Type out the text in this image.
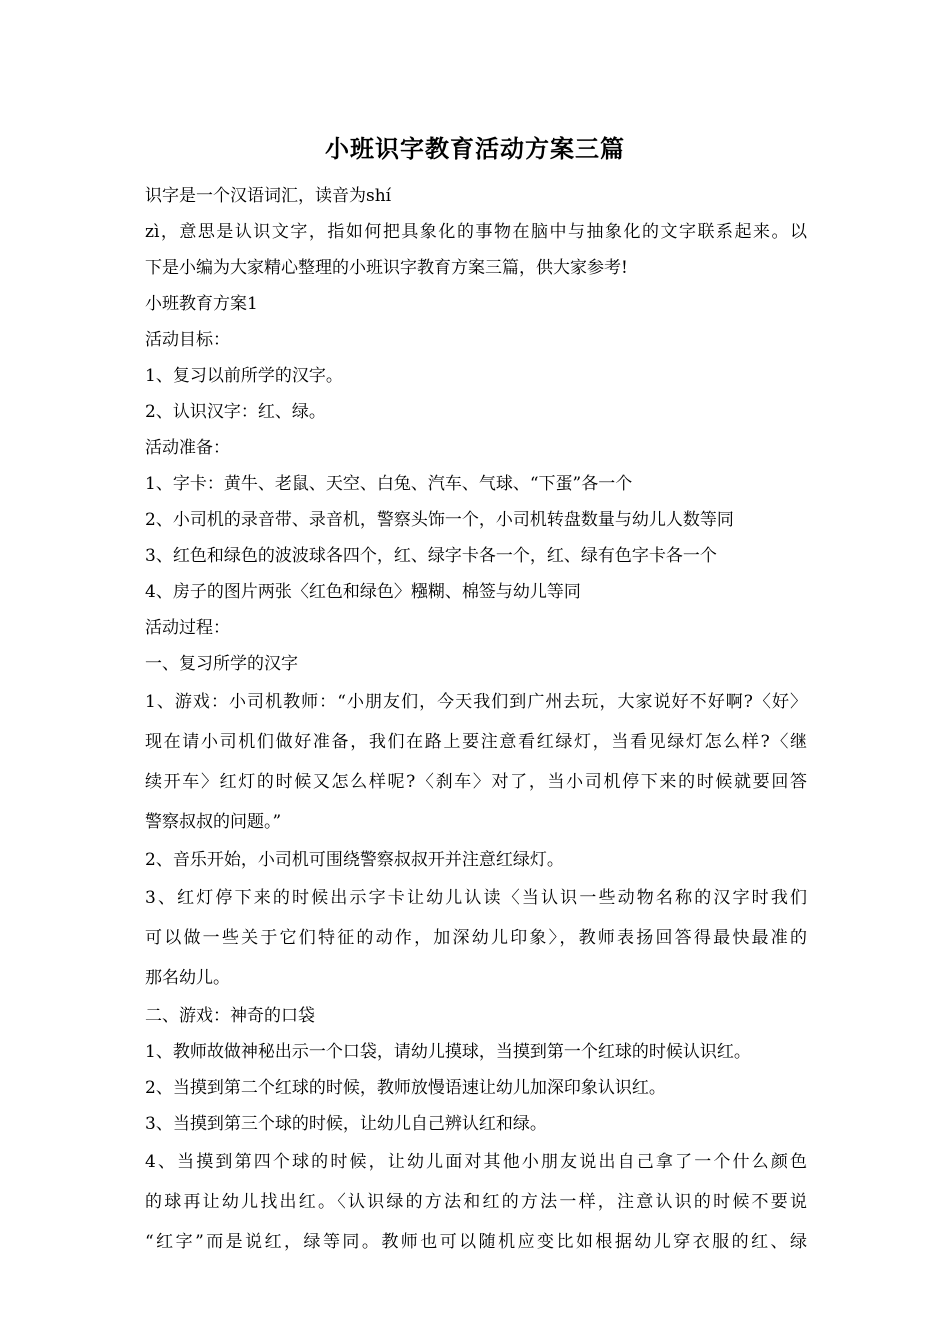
小班识字教育活动方案三篇
识字是一个汉语词汇，读音为shí
zì，意思是认识文字，指如何把具象化的事物在脑中与抽象化的文字联系起来。以
下是小编为大家精心整理的小班识字教育方案三篇，供大家参考!
小班教育方案1
活动目标：
1、复习以前所学的汉字。
2、认识汉字：红、绿。
活动准备：
1、字卡：黄牛、老鼠、天空、白兔、汽车、气球、“下蛋”各一个
2、小司机的录音带、录音机，警察头饰一个，小司机转盘数量与幼儿人数等同
3、红色和绿色的波波球各四个，红、绿字卡各一个，红、绿有色字卡各一个
4、房子的图片两张〈红色和绿色〉糨糊、棉签与幼儿等同
活动过程：
一、复习所学的汉字
1、游戏：小司机教师：“小朋友们，今天我们到广州去玩，大家说好不好啊?〈好〉
现在请小司机们做好准备，我们在路上要注意看红绿灯，当看见绿灯怎么样?〈继
续开车〉红灯的时候又怎么样呢?〈刹车〉对了，当小司机停下来的时候就要回答
警察叔叔的问题。”
2、音乐开始，小司机可围绕警察叔叔开并注意红绿灯。
3、红灯停下来的时候出示字卡让幼儿认读〈当认识一些动物名称的汉字时我们
可以做一些关于它们特征的动作，加深幼儿印象〉，教师表扬回答得最快最准的
那名幼儿。
二、游戏：神奇的口袋
1、教师故做神秘出示一个口袋，请幼儿摸球，当摸到第一个红球的时候认识红。
2、当摸到第二个红球的时候，教师放慢语速让幼儿加深印象认识红。
3、当摸到第三个球的时候，让幼儿自己辨认红和绿。
4、当摸到第四个球的时候，让幼儿面对其他小朋友说出自己拿了一个什么颜色
的球再让幼儿找出红。〈认识绿的方法和红的方法一样，注意认识的时候不要说
“红字”而是说红，绿等同。教师也可以随机应变比如根据幼儿穿衣服的红、绿
